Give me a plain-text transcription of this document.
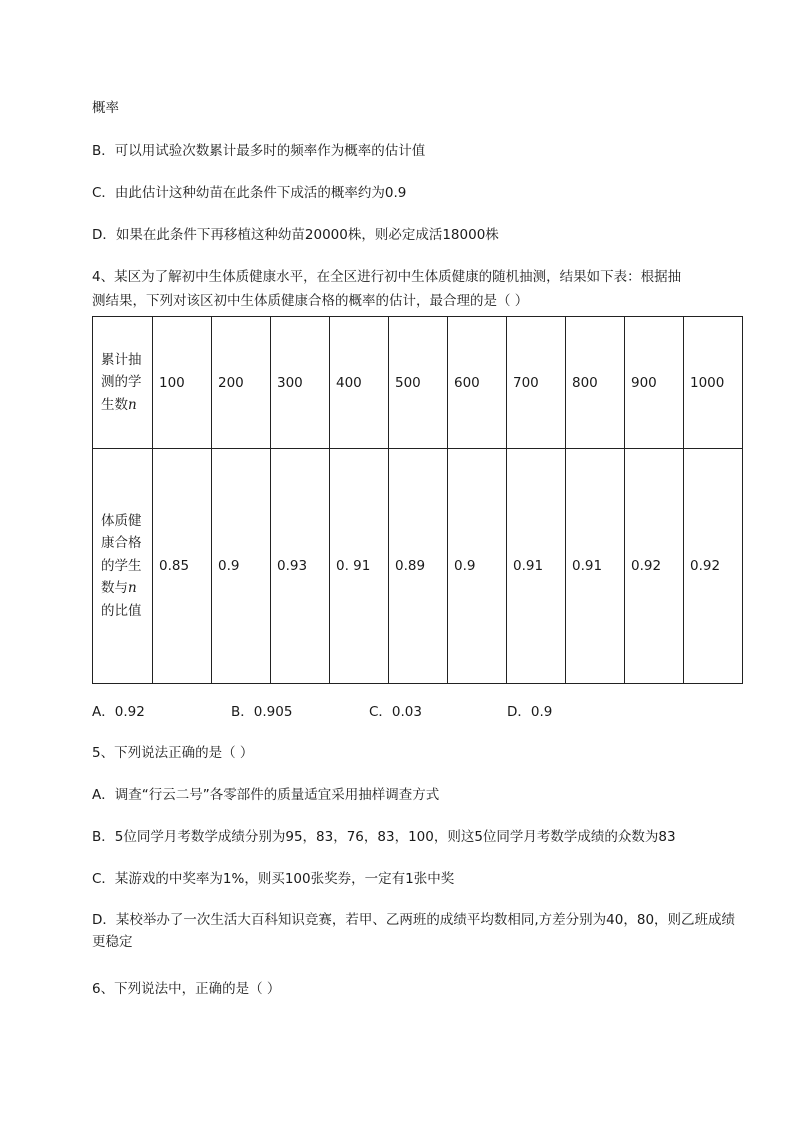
概率
B．可以用试验次数累计最多时的频率作为概率的估计值
C．由此估计这种幼苗在此条件下成活的概率约为0.9
D．如果在此条件下再移植这种幼苗20000株，则必定成活18000株
4、某区为了解初中生体质健康水平，在全区进行初中生体质健康的随机抽测，结果如下表：根据抽
测结果，下列对该区初中生体质健康合格的概率的估计，最合理的是（ ）
累计抽测的学生数n	100	200	300	400	500	600	700	800	900	1000
体质健康合格的学生数与n的比值	0.85	0.9	0.93	0. 91	0.89	0.9	0.91	0.91	0.92	0.92
A．0.92	B．0.905	C．0.03	D．0.9
5、下列说法正确的是（ ）
A．调查“行云二号”各零部件的质量适宜采用抽样调查方式
B．5位同学月考数学成绩分别为95，83，76，83，100，则这5位同学月考数学成绩的众数为83
C．某游戏的中奖率为1%，则买100张奖券，一定有1张中奖
D．某校举办了一次生活大百科知识竞赛，若甲、乙两班的成绩平均数相同,方差分别为40，80，则乙班成绩更稳定
6、下列说法中，正确的是（ ）
